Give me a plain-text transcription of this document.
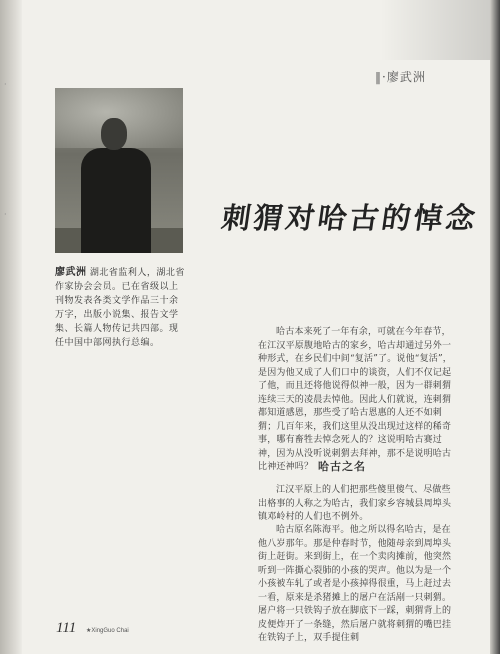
·
·
‖·廖武洲
廖武洲 湖北省监利人，湖北省作家协会会员。已在省级以上刊物发表各类文学作品三十余万字，出版小说集、报告文学集、长篇人物传记共四部。现任中国中部网执行总编。
刺猬对哈古的悼念

哈古本来死了一年有余，可就在今年春节，在江汉平原腹地哈古的家乡，哈古却通过另外一种形式，在乡民们中间“复活”了。说他“复活”，是因为他又成了人们口中的谈资，人们不仅记起了他，而且还将他说得似神一般，因为一群刺猬连续三天的凌晨去悼他。因此人们就说，连刺猬都知道感恩，那些受了哈古恩惠的人还不如刺猬；几百年来，我们这里从没出现过这样的稀奇事，哪有畜牲去悼念死人的？这说明哈古赛过神，因为从没听说刺猬去拜神，那不是说明哈古比神还神吗？ 哈古之名

江汉平原上的人们把那些傻里傻气、尽做些出格事的人称之为哈古，我们家乡容城县周埠头镇邓岭村的人们也不例外。

哈古原名陈海平。他之所以得名哈古，是在他八岁那年。那是仲春时节，他随母亲到周埠头街上赶街。来到街上，在一个卖肉摊前，他突然听到一阵撕心裂肺的小孩的哭声。他以为是一个小孩被车轧了或者是小孩掉得很重，马上赶过去一看，原来是杀猪摊上的屠户在活剐一只刺猬。屠户将一只铁钩子放在脚底下一踩，刺猬背上的皮便炸开了一条缝，然后屠户就将刺猬的嘴巴挂在铁钩子上，双手提住刺

111 ★XingGuo Chai
